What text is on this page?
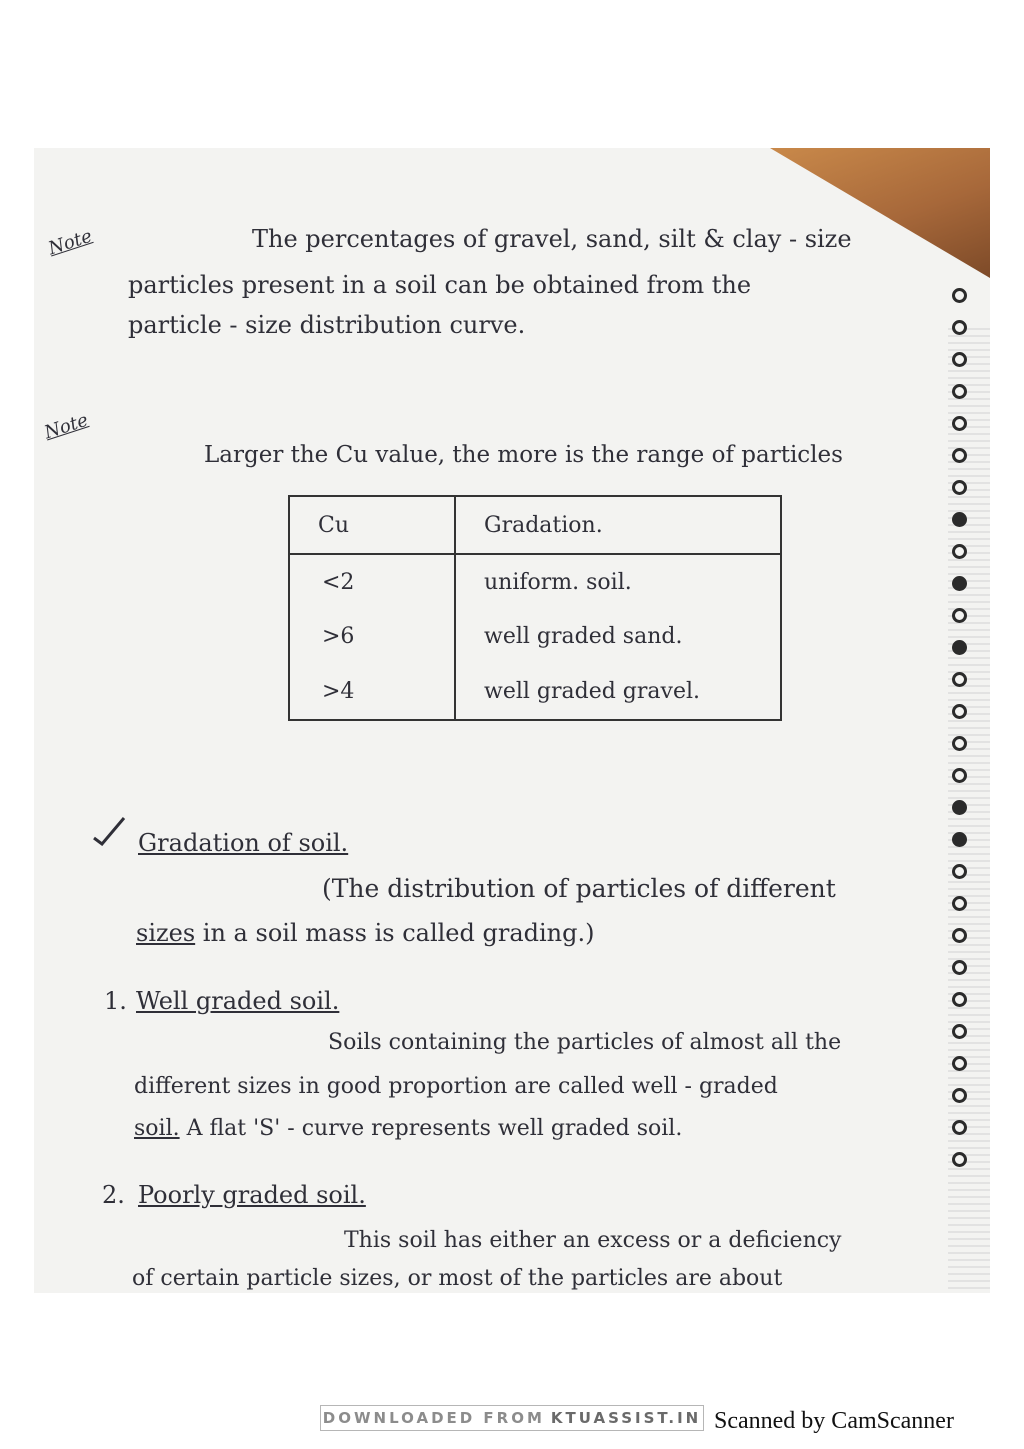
Note	The percentages of gravel, sand, silt & clay - size
particles present in a soil can be obtained from the
particle - size distribution curve.
Note
Larger the Cu value, the more is the range of particles
Cu	Gradation.
<2	uniform. soil.
>6	well graded sand.
>4	well graded gravel.
Gradation of soil.
(The distribution of particles of different
sizes in a soil mass is called grading.)
1. Well graded soil.
Soils containing the particles of almost all the
different sizes in good proportion are called well - graded
soil. A flat 'S' - curve represents well graded soil.
2. Poorly graded soil.
This soil has either an excess or a deficiency
of certain particle sizes, or most of the particles are about
DOWNLOADED FROM KTUASSIST.IN Scanned by CamScanner
